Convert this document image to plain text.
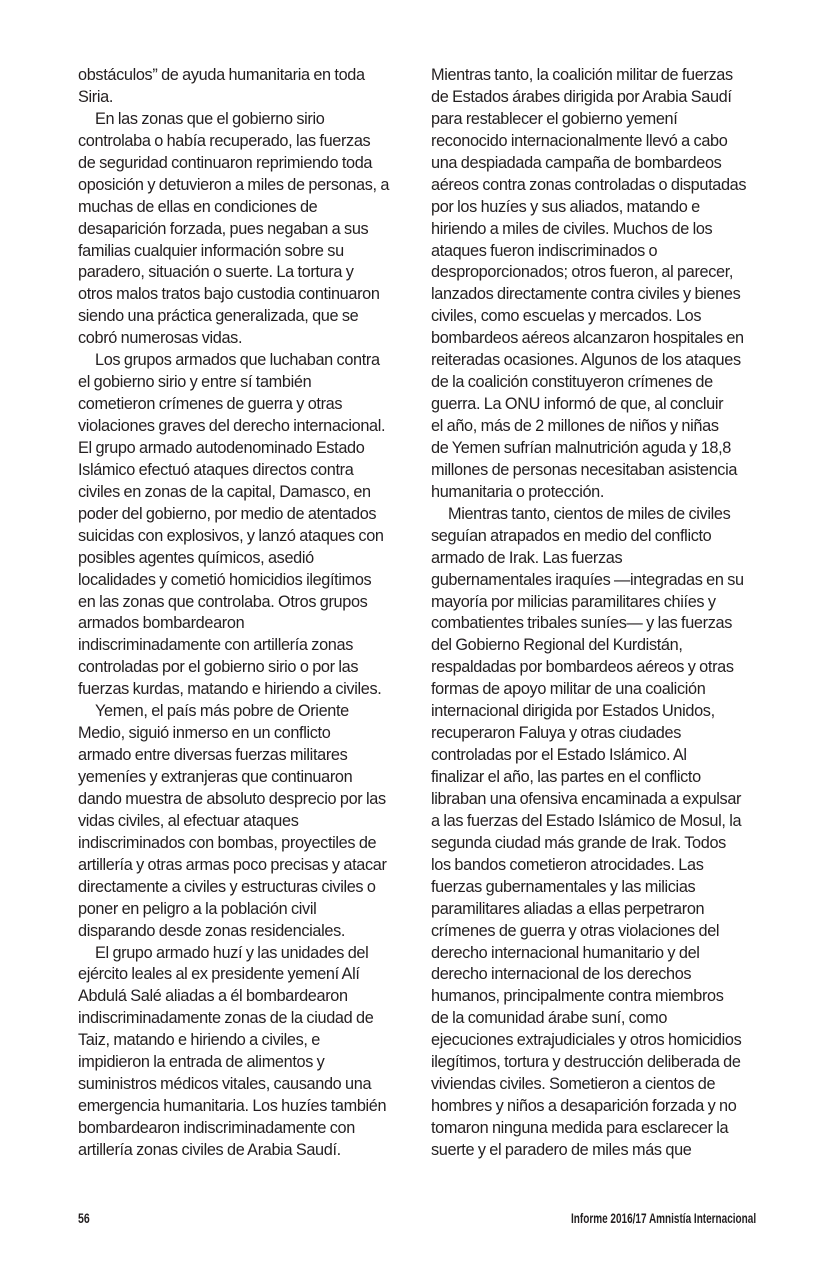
obstáculos” de ayuda humanitaria en toda
Siria.
En las zonas que el gobierno sirio
controlaba o había recuperado, las fuerzas
de seguridad continuaron reprimiendo toda
oposición y detuvieron a miles de personas, a
muchas de ellas en condiciones de
desaparición forzada, pues negaban a sus
familias cualquier información sobre su
paradero, situación o suerte. La tortura y
otros malos tratos bajo custodia continuaron
siendo una práctica generalizada, que se
cobró numerosas vidas.
Los grupos armados que luchaban contra
el gobierno sirio y entre sí también
cometieron crímenes de guerra y otras
violaciones graves del derecho internacional.
El grupo armado autodenominado Estado
Islámico efectuó ataques directos contra
civiles en zonas de la capital, Damasco, en
poder del gobierno, por medio de atentados
suicidas con explosivos, y lanzó ataques con
posibles agentes químicos, asedió
localidades y cometió homicidios ilegítimos
en las zonas que controlaba. Otros grupos
armados bombardearon
indiscriminadamente con artillería zonas
controladas por el gobierno sirio o por las
fuerzas kurdas, matando e hiriendo a civiles.
Yemen, el país más pobre de Oriente
Medio, siguió inmerso en un conflicto
armado entre diversas fuerzas militares
yemeníes y extranjeras que continuaron
dando muestra de absoluto desprecio por las
vidas civiles, al efectuar ataques
indiscriminados con bombas, proyectiles de
artillería y otras armas poco precisas y atacar
directamente a civiles y estructuras civiles o
poner en peligro a la población civil
disparando desde zonas residenciales.
El grupo armado huzí y las unidades del
ejército leales al ex presidente yemení Alí
Abdulá Salé aliadas a él bombardearon
indiscriminadamente zonas de la ciudad de
Taiz, matando e hiriendo a civiles, e
impidieron la entrada de alimentos y
suministros médicos vitales, causando una
emergencia humanitaria. Los huzíes también
bombardearon indiscriminadamente con
artillería zonas civiles de Arabia Saudí.
Mientras tanto, la coalición militar de fuerzas
de Estados árabes dirigida por Arabia Saudí
para restablecer el gobierno yemení
reconocido internacionalmente llevó a cabo
una despiadada campaña de bombardeos
aéreos contra zonas controladas o disputadas
por los huzíes y sus aliados, matando e
hiriendo a miles de civiles. Muchos de los
ataques fueron indiscriminados o
desproporcionados; otros fueron, al parecer,
lanzados directamente contra civiles y bienes
civiles, como escuelas y mercados. Los
bombardeos aéreos alcanzaron hospitales en
reiteradas ocasiones. Algunos de los ataques
de la coalición constituyeron crímenes de
guerra. La ONU informó de que, al concluir
el año, más de 2 millones de niños y niñas
de Yemen sufrían malnutrición aguda y 18,8
millones de personas necesitaban asistencia
humanitaria o protección.
Mientras tanto, cientos de miles de civiles
seguían atrapados en medio del conflicto
armado de Irak. Las fuerzas
gubernamentales iraquíes —integradas en su
mayoría por milicias paramilitares chiíes y
combatientes tribales suníes— y las fuerzas
del Gobierno Regional del Kurdistán,
respaldadas por bombardeos aéreos y otras
formas de apoyo militar de una coalición
internacional dirigida por Estados Unidos,
recuperaron Faluya y otras ciudades
controladas por el Estado Islámico. Al
finalizar el año, las partes en el conflicto
libraban una ofensiva encaminada a expulsar
a las fuerzas del Estado Islámico de Mosul, la
segunda ciudad más grande de Irak. Todos
los bandos cometieron atrocidades. Las
fuerzas gubernamentales y las milicias
paramilitares aliadas a ellas perpetraron
crímenes de guerra y otras violaciones del
derecho internacional humanitario y del
derecho internacional de los derechos
humanos, principalmente contra miembros
de la comunidad árabe suní, como
ejecuciones extrajudiciales y otros homicidios
ilegítimos, tortura y destrucción deliberada de
viviendas civiles. Sometieron a cientos de
hombres y niños a desaparición forzada y no
tomaron ninguna medida para esclarecer la
suerte y el paradero de miles más que
56	Informe 2016/17 Amnistía Internacional
